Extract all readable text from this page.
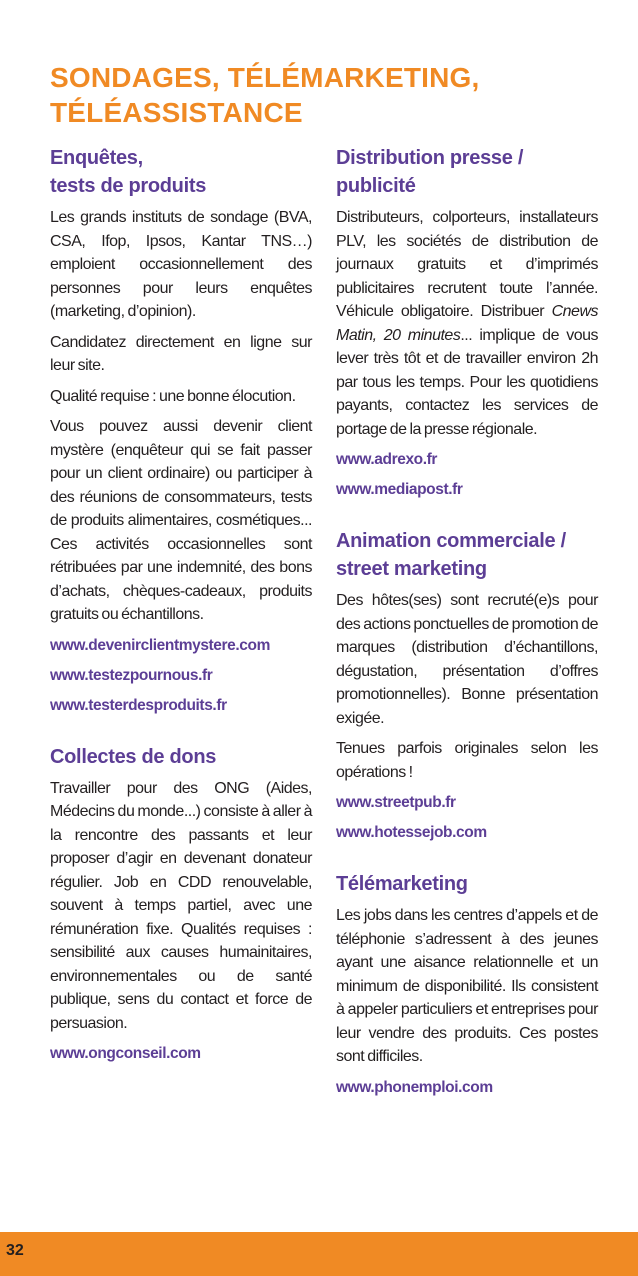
SONDAGES, TÉLÉMARKETING,
TÉLÉASSISTANCE
Enquêtes,
tests de produits

Les grands instituts de sondage (BVA, CSA, Ifop, Ipsos, Kantar TNS…) emploient occasionnellement des personnes pour leurs enquêtes (marketing, d’opinion).

Candidatez directement en ligne sur leur site.

Qualité requise : une bonne élocution.

Vous pouvez aussi devenir client mystère (enquêteur qui se fait passer pour un client ordinaire) ou participer à des réunions de consommateurs, tests de produits alimentaires, cosmétiques... Ces activités occasionnelles sont rétribuées par une indemnité, des bons d’achats, chèques-cadeaux, produits gratuits ou échantillons.

www.devenirclientmystere.com
www.testezpournous.fr
www.testerdesproduits.fr
Collectes de dons

Travailler pour des ONG (Aides, Médecins du monde...) consiste à aller à la rencontre des passants et leur proposer d’agir en devenant donateur régulier. Job en CDD renouvelable, souvent à temps partiel, avec une rémunération fixe. Qualités requises : sensibilité aux causes humainitaires, environnementales ou de santé publique, sens du contact et force de persuasion.

www.ongconseil.com
Distribution presse /
publicité

Distributeurs, colporteurs, installateurs PLV, les sociétés de distribution de journaux gratuits et d’imprimés publicitaires recrutent toute l’année. Véhicule obligatoire. Distribuer Cnews Matin, 20 minutes... implique de vous lever très tôt et de travailler environ 2h par tous les temps. Pour les quotidiens payants, contactez les services de portage de la presse régionale.

www.adrexo.fr
www.mediapost.fr
Animation commerciale /
street marketing

Des hôtes(ses) sont recruté(e)s pour des actions ponctuelles de promotion de marques (distribution d’échantillons, dégustation, présentation d’offres promotionnelles). Bonne présentation exigée.

Tenues parfois originales selon les opérations !

www.streetpub.fr
www.hotessejob.com
Télémarketing

Les jobs dans les centres d’appels et de téléphonie s’adressent à des jeunes ayant une aisance relationnelle et un minimum de disponibilité. Ils consistent à appeler particuliers et entreprises pour leur vendre des produits. Ces postes sont difficiles.

www.phonemploi.com
32
